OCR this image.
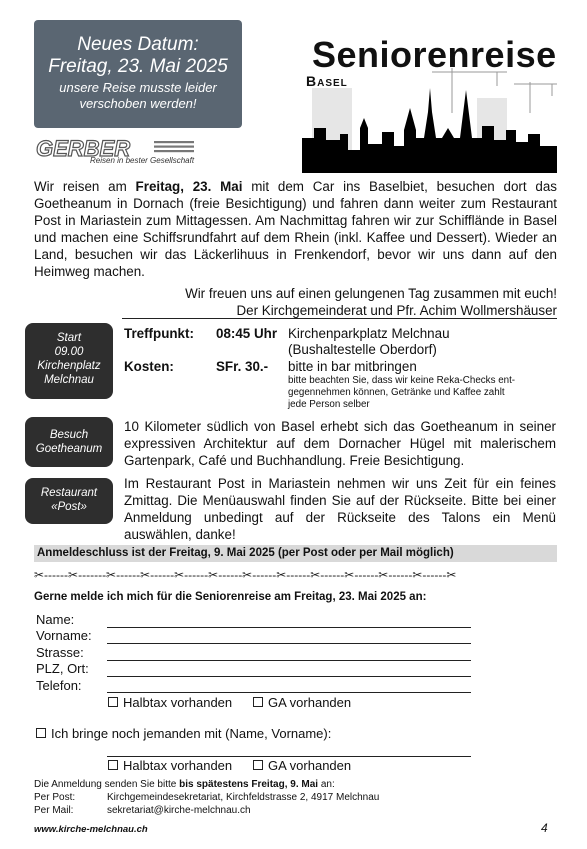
Neues Datum:
Freitag, 23. Mai 2025
unsere Reise musste leider
verschoben werden!
GERBER
Reisen in bester Gesellschaft
Seniorenreise
Basel
Wir reisen am Freitag, 23. Mai mit dem Car ins Baselbiet, besuchen dort das Goetheanum in Dornach (freie Besichtigung) und fahren dann weiter zum Restaurant Post in Mariastein zum Mittagessen. Am Nachmittag fahren wir zur Schifflände in Basel und machen eine Schiffsrundfahrt auf dem Rhein (inkl. Kaffee und Dessert). Wieder an Land, besuchen wir das Läckerlihuus in Frenkendorf, bevor wir uns dann auf den Heimweg machen.
Wir freuen uns auf einen gelungenen Tag zusammen mit euch!
Der Kirchgemeinderat und Pfr. Achim Wollmershäuser
Start
09.00
Kirchenplatz
Melchnau
Treffpunkt: 08:45 Uhr Kirchenparkplatz Melchnau
(Bushaltestelle Oberdorf)
Kosten:	SFr. 30.- bitte in bar mitbringen
bitte beachten Sie, dass wir keine Reka-Checks ent-
gegennehmen können, Getränke und Kaffee zahlt
jede Person selber
Besuch
Goetheanum
10 Kilometer südlich von Basel erhebt sich das Goetheanum in seiner expressiven Architektur auf dem Dornacher Hügel mit malerischem Gartenpark, Café und Buchhandlung. Freie Besichtigung.
Restaurant
«Post»
Im Restaurant Post in Mariastein nehmen wir uns Zeit für ein feines Zmittag. Die Menüauswahl finden Sie auf der Rückseite. Bitte bei einer Anmeldung unbedingt auf der Rückseite des Talons ein Menü auswählen, danke!
Anmeldeschluss ist der Freitag, 9. Mai 2025 (per Post oder per Mail möglich)
✂------✂-------✂------✂------✂------✂------✂------✂------✂------✂------✂------✂------✂
Gerne melde ich mich für die Seniorenreise am Freitag, 23. Mai 2025 an:
Name:
Vorname:
Strasse:
PLZ, Ort:
Telefon:
Halbtax vorhanden	GA vorhanden
Ich bringe noch jemanden mit (Name, Vorname):
Halbtax vorhanden	GA vorhanden
Die Anmeldung senden Sie bitte bis spätestens Freitag, 9. Mai an:
Per Post:	Kirchgemeindesekretariat, Kirchfeldstrasse 2, 4917 Melchnau
Per Mail:	sekretariat@kirche-melchnau.ch
www.kirche-melchnau.ch	4
